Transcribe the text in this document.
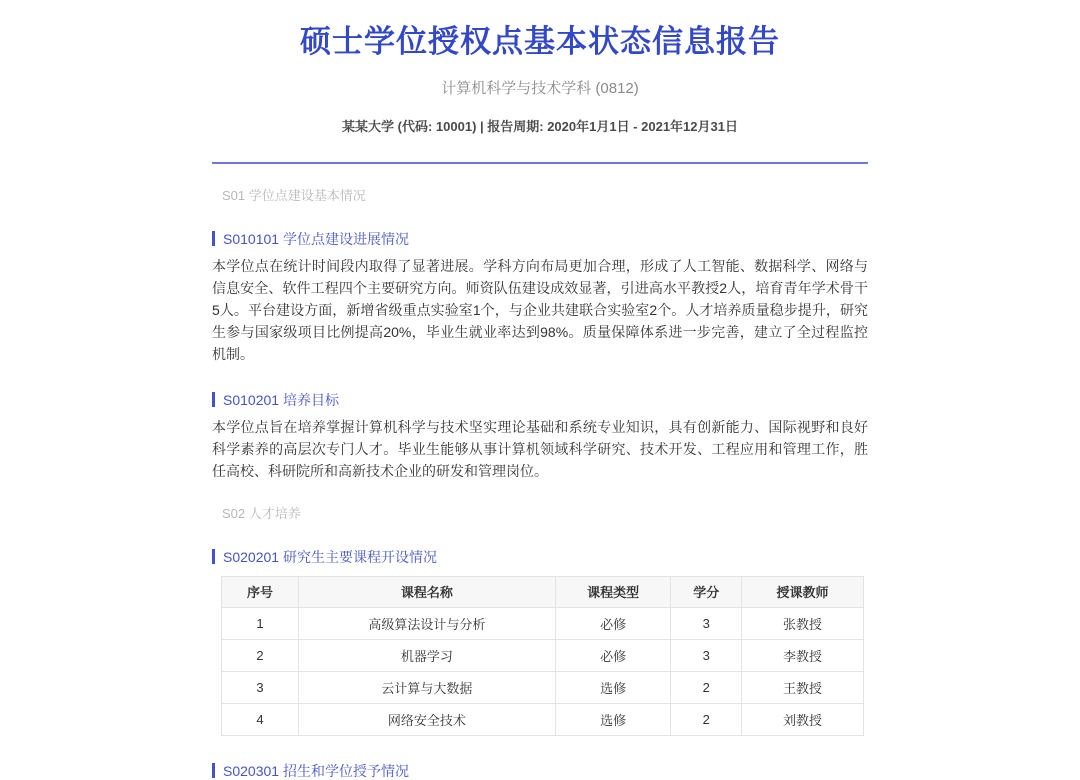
硕士学位授权点基本状态信息报告
计算机科学与技术学科 (0812)
某某大学 (代码: 10001) | 报告周期: 2020年1月1日 - 2021年12月31日
S01 学位点建设基本情况
S010101 学位点建设进展情况

本学位点在统计时间段内取得了显著进展。学科方向布局更加合理，形成了人工智能、数据科学、网络与信息安全、软件工程四个主要研究方向。师资队伍建设成效显著，引进高水平教授2人，培育青年学术骨干5人。平台建设方面，新增省级重点实验室1个，与企业共建联合实验室2个。人才培养质量稳步提升，研究生参与国家级项目比例提高20%，毕业生就业率达到98%。质量保障体系进一步完善，建立了全过程监控机制。

S010201 培养目标

本学位点旨在培养掌握计算机科学与技术坚实理论基础和系统专业知识，具有创新能力、国际视野和良好科学素养的高层次专门人才。毕业生能够从事计算机领域科学研究、技术开发、工程应用和管理工作，胜任高校、科研院所和高新技术企业的研发和管理岗位。

S02 人才培养
S020201 研究生主要课程开设情况
序号	课程名称	课程类型	学分	授课教师
1	高级算法设计与分析	必修	3	张教授
2	机器学习	必修	3	李教授
3	云计算与大数据	选修	2	王教授
4	网络安全技术	选修	2	刘教授
S020301 招生和学位授予情况
